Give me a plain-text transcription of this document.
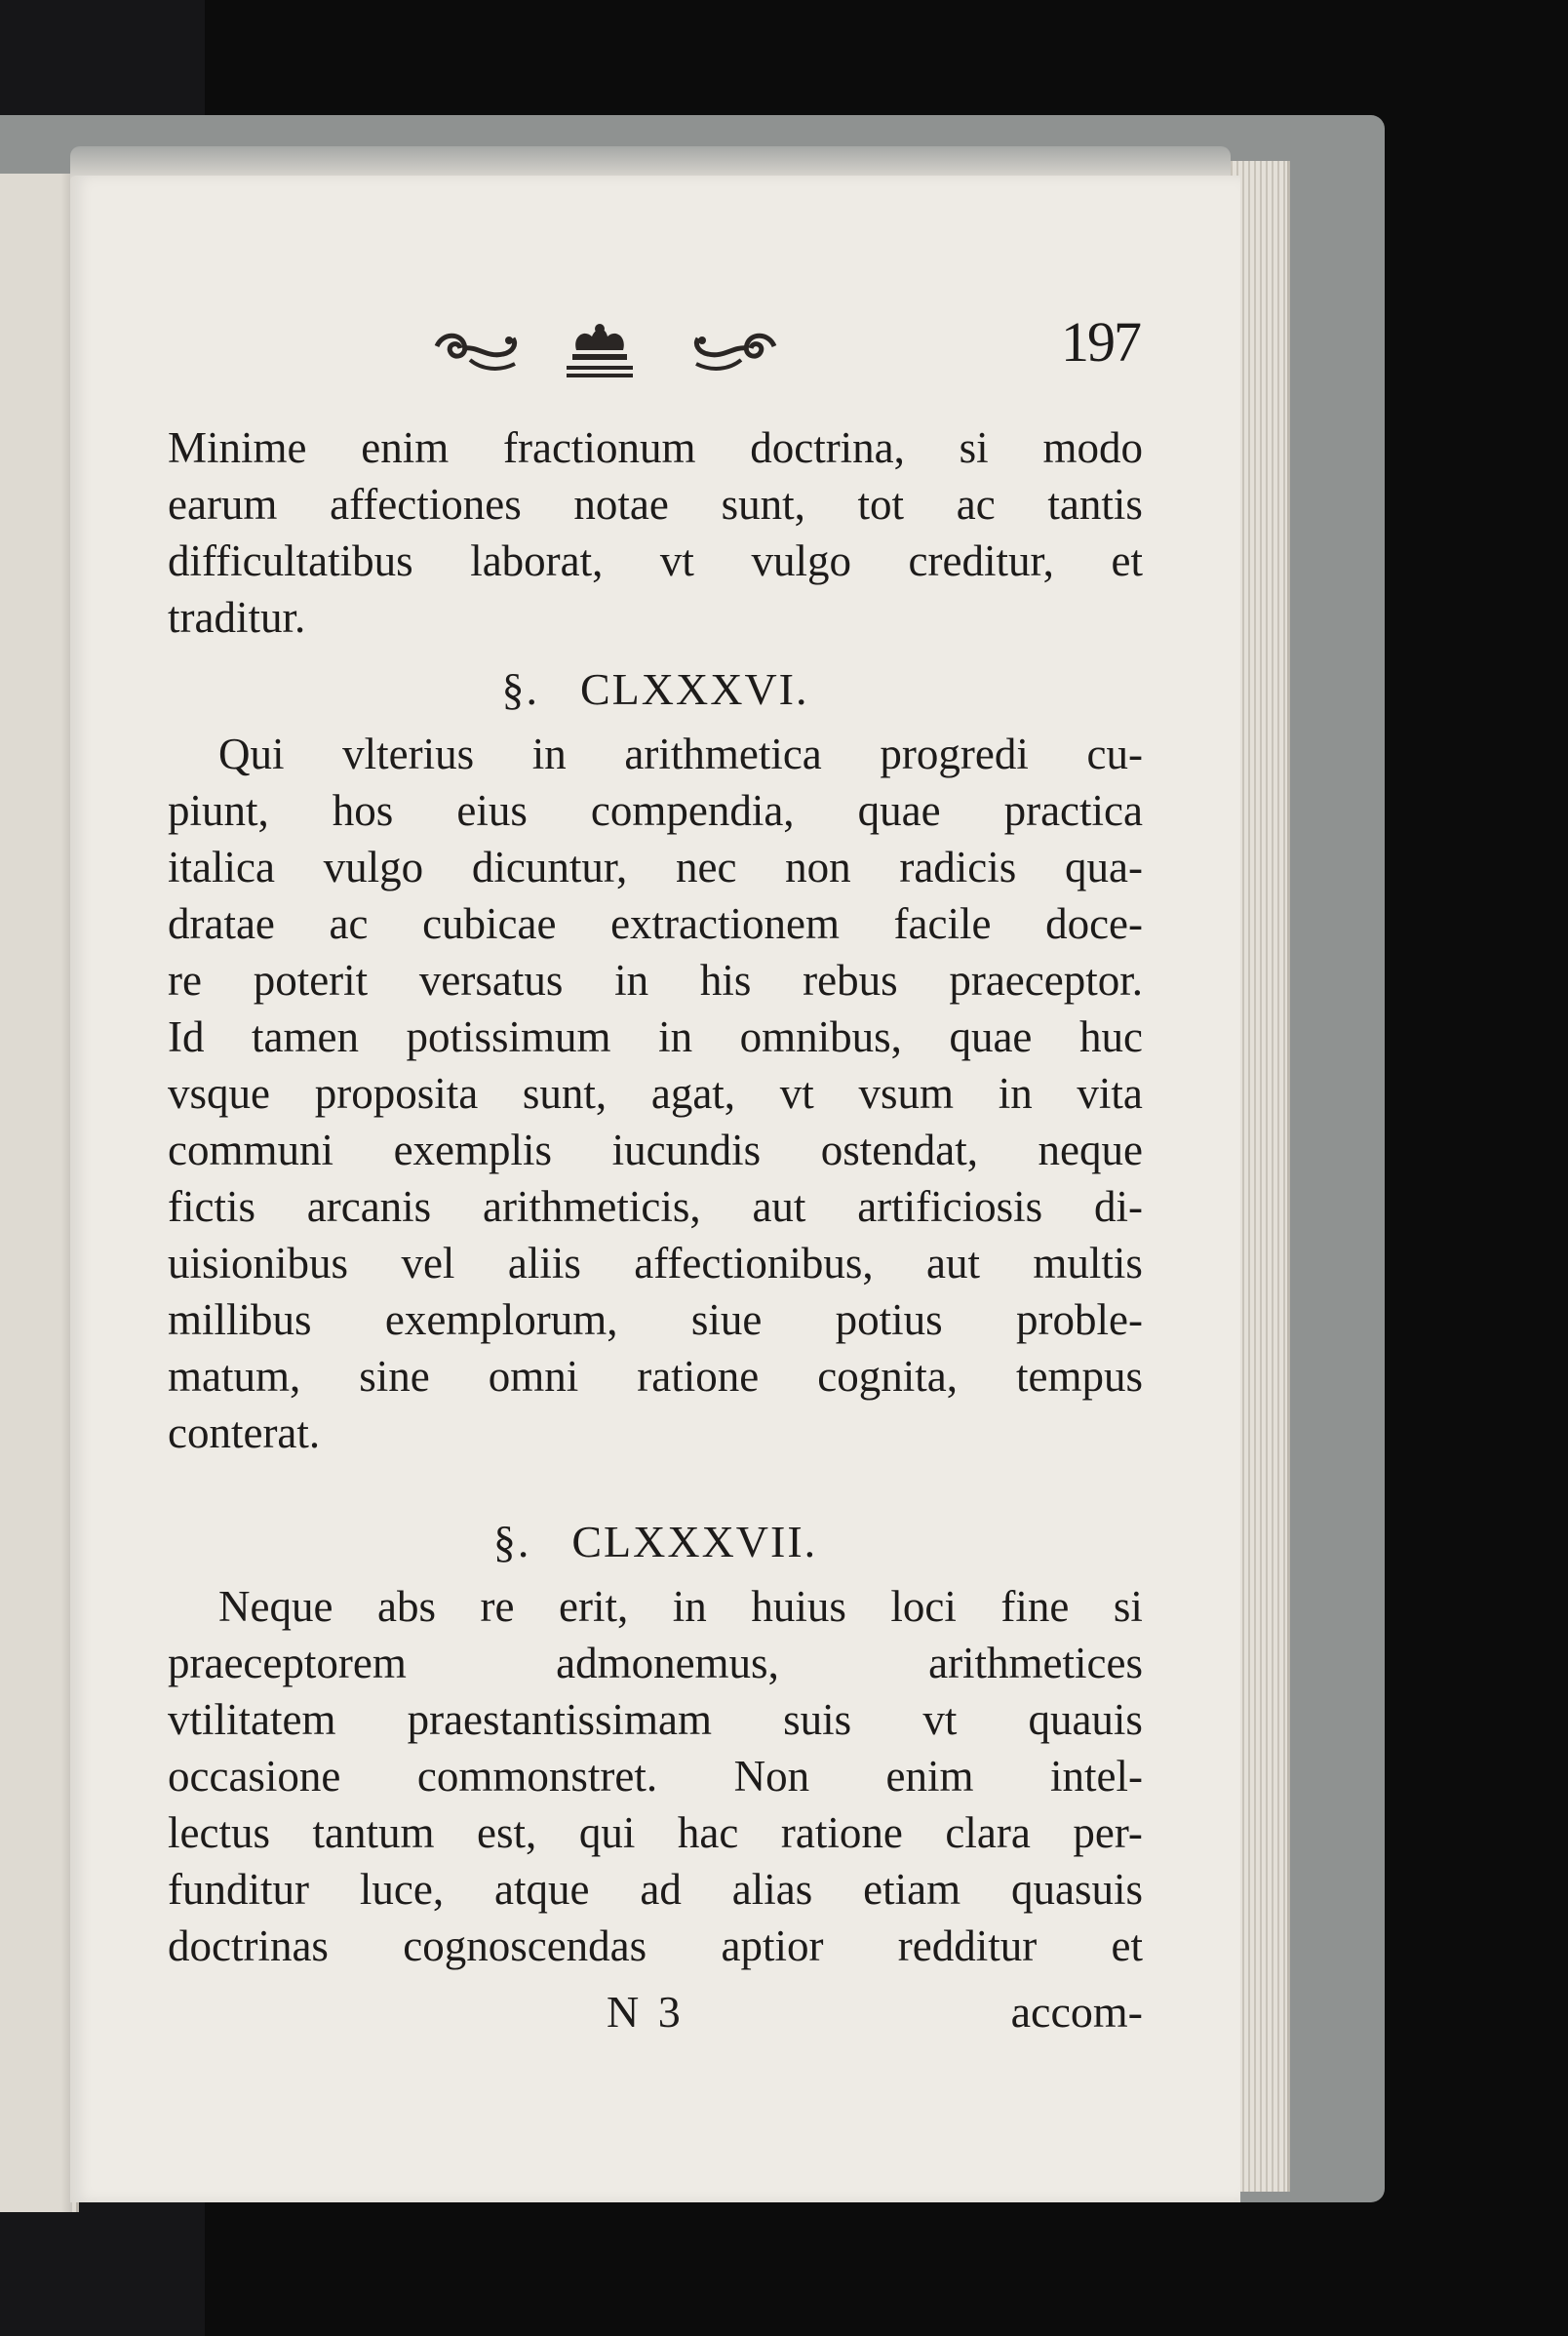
197
Minime enim fractionum doctrina, si modo
earum affectiones notae sunt, tot ac tantis
difficultatibus laborat, vt vulgo creditur, et
traditur.
§. CLXXXVI.
Qui vlterius in arithmetica progredi cu-
piunt, hos eius compendia, quae practica
italica vulgo dicuntur, nec non radicis qua-
dratae ac cubicae extractionem facile doce-
re poterit versatus in his rebus praeceptor.
Id tamen potissimum in omnibus, quae huc
vsque proposita sunt, agat, vt vsum in vita
communi exemplis iucundis ostendat, neque
fictis arcanis arithmeticis, aut artificiosis di-
uisionibus vel aliis affectionibus, aut multis
millibus exemplorum, siue potius proble-
matum, sine omni ratione cognita, tempus
conterat.
§. CLXXXVII.
Neque abs re erit, in huius loci fine si
praeceptorem	admonemus,	arithmetices
vtilitatem praestantissimam suis vt quauis
occasione commonstret. Non enim intel-
lectus tantum est, qui hac ratione clara per-
funditur luce, atque ad alias etiam quasuis
doctrinas cognoscendas aptior redditur et
N 3	accom-
